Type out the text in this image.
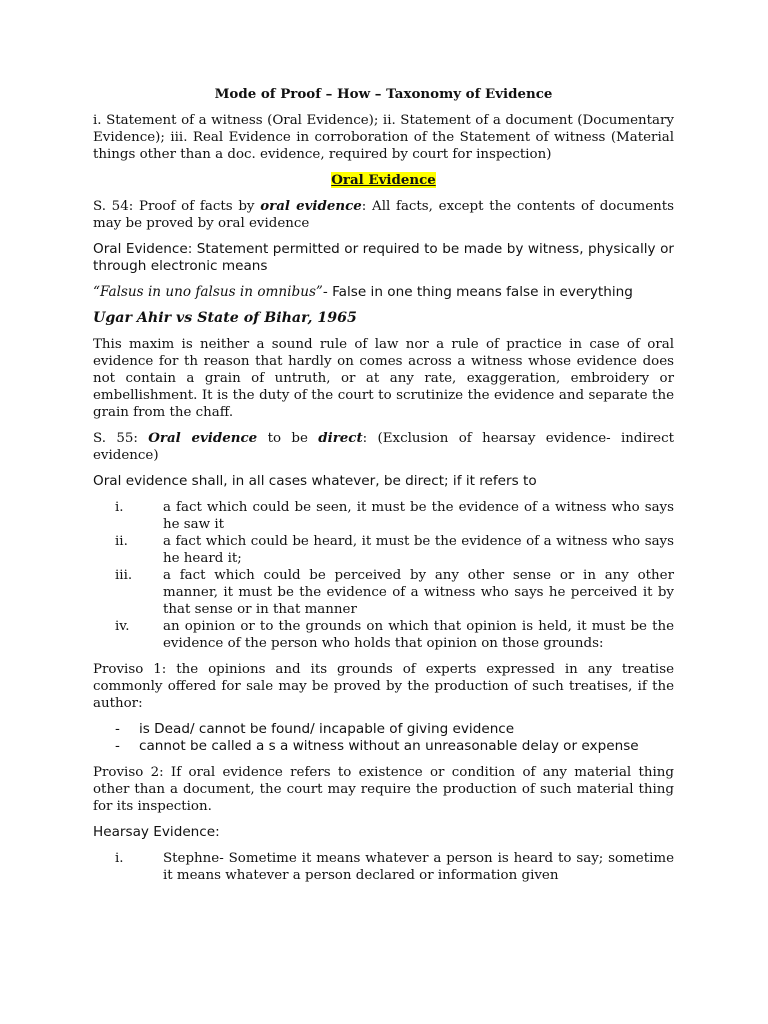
Mode of Proof – How – Taxonomy of Evidence
i. Statement of a witness (Oral Evidence); ii. Statement of a document (Documentary Evidence); iii. Real Evidence in corroboration of the Statement of witness (Material things other than a doc. evidence, required by court for inspection)
Oral Evidence
S. 54: Proof of facts by oral evidence: All facts, except the contents of documents may be proved by oral evidence
Oral Evidence: Statement permitted or required to be made by witness, physically or through electronic means
“Falsus in uno falsus in omnibus”- False in one thing means false in everything
Ugar Ahir vs State of Bihar, 1965
This maxim is neither a sound rule of law nor a rule of practice in case of oral evidence for th reason that hardly on comes across a witness whose evidence does not contain a grain of untruth, or at any rate, exaggeration, embroidery or embellishment. It is the duty of the court to scrutinize the evidence and separate the grain from the chaff.
S. 55: Oral evidence to be direct: (Exclusion of hearsay evidence- indirect evidence)
Oral evidence shall, in all cases whatever, be direct; if it refers to
i.	a fact which could be seen, it must be the evidence of a witness who says he saw it
ii.	a fact which could be heard, it must be the evidence of a witness who says he heard it;
iii. a fact which could be perceived by any other sense or in any other manner, it must be the evidence of a witness who says he perceived it by that sense or in that manner
iv. an opinion or to the grounds on which that opinion is held, it must be the evidence of the person who holds that opinion on those grounds:
Proviso 1: the opinions and its grounds of experts expressed in any treatise commonly offered for sale may be proved by the production of such treatises, if the author:
- is Dead/ cannot be found/ incapable of giving evidence
- cannot be called a s a witness without an unreasonable delay or expense
Proviso 2: If oral evidence refers to existence or condition of any material thing other than a document, the court may require the production of such material thing for its inspection.
Hearsay Evidence:
i.	Stephne- Sometime it means whatever a person is heard to say; sometime it means whatever a person declared or information given
